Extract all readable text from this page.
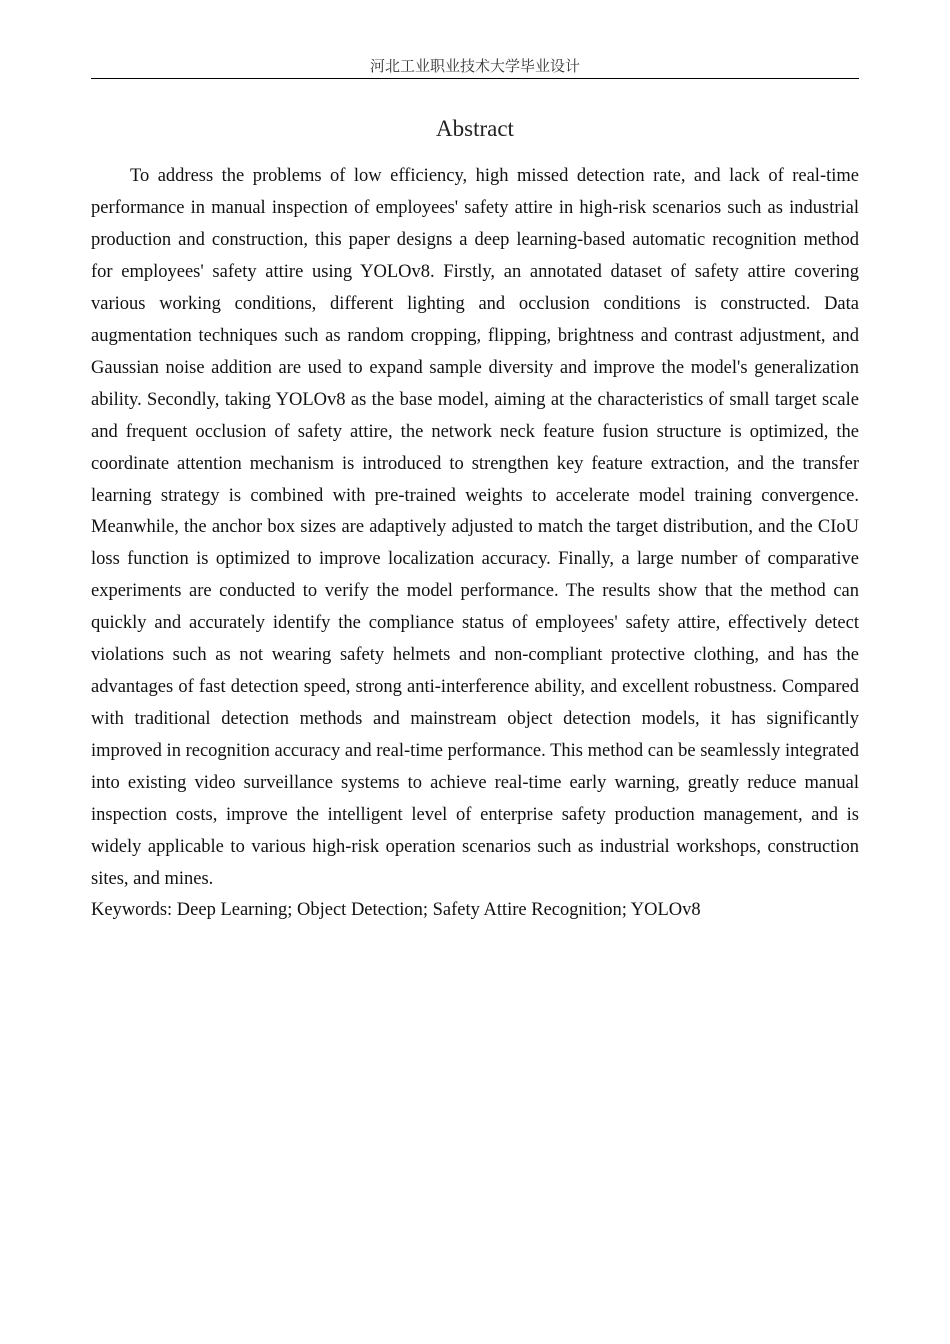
河北工业职业技术大学毕业设计
Abstract

To address the problems of low efficiency, high missed detection rate, and lack of real-time performance in manual inspection of employees' safety attire in high-risk scenarios such as industrial production and construction, this paper designs a deep learning-based automatic recognition method for employees' safety attire using YOLOv8. Firstly, an annotated dataset of safety attire covering various working conditions, different lighting and occlusion conditions is constructed. Data augmentation techniques such as random cropping, flipping, brightness and contrast adjustment, and Gaussian noise addition are used to expand sample diversity and improve the model's generalization ability. Secondly, taking YOLOv8 as the base model, aiming at the characteristics of small target scale and frequent occlusion of safety attire, the network neck feature fusion structure is optimized, the coordinate attention mechanism is introduced to strengthen key feature extraction, and the transfer learning strategy is combined with pre-trained weights to accelerate model training convergence. Meanwhile, the anchor box sizes are adaptively adjusted to match the target distribution, and the CIoU loss function is optimized to improve localization accuracy. Finally, a large number of comparative experiments are conducted to verify the model performance. The results show that the method can quickly and accurately identify the compliance status of employees' safety attire, effectively detect violations such as not wearing safety helmets and non-compliant protective clothing, and has the advantages of fast detection speed, strong anti-interference ability, and excellent robustness. Compared with traditional detection methods and mainstream object detection models, it has significantly improved in recognition accuracy and real-time performance. This method can be seamlessly integrated into existing video surveillance systems to achieve real-time early warning, greatly reduce manual inspection costs, improve the intelligent level of enterprise safety production management, and is widely applicable to various high-risk operation scenarios such as industrial workshops, construction sites, and mines.

Keywords: Deep Learning; Object Detection; Safety Attire Recognition; YOLOv8
